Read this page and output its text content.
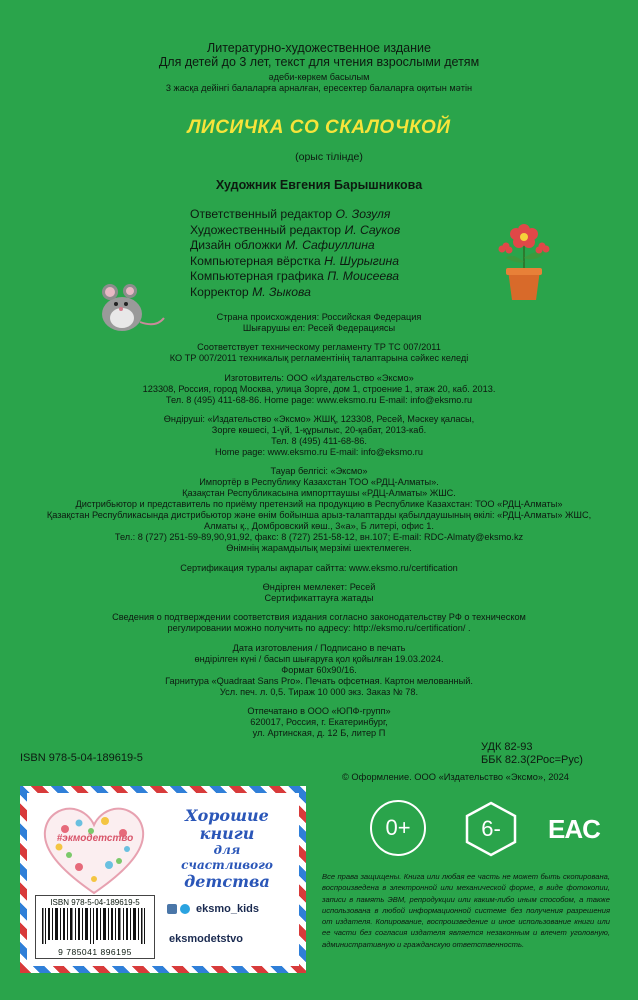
Литературно-художественное издание
Для детей до 3 лет, текст для чтения взрослыми детям
әдеби-көркем басылым
3 жасқа дейінгі балаларға арналған, ересектер балаларға оқитын мәтін
ЛИСИЧКА СО СКАЛОЧКОЙ
(орыс тілінде)
Художник Евгения Барышникова
Ответственный редактор О. Зозуля
Художественный редактор И. Сауков
Дизайн обложки М. Сафиуллина
Компьютерная вёрстка Н. Шурыгина
Компьютерная графика П. Моисеева
Корректор М. Зыкова
Страна происхождения: Российская Федерация
Шығарушы ел: Ресей Федерациясы
Соответствует техническому регламенту ТР ТС 007/2011
КО ТР 007/2011 техникалық регламентінің талаптарына сәйкес келеді
Изготовитель: ООО «Издательство «Эксмо»
123308, Россия, город Москва, улица Зорге, дом 1, строение 1, этаж 20, каб. 2013.
Тел. 8 (495) 411-68-86. Home page: www.eksmo.ru E-mail: info@eksmo.ru
Өндіруші: «Издательство «Эксмо» ЖШҚ, 123308, Ресей, Мәскеу қаласы,
Зорге көшесі, 1-үй, 1-құрылыс, 20-қабат, 2013-каб.
Тел. 8 (495) 411-68-86.
Home page: www.eksmo.ru E-mail: info@eksmo.ru
Тауар белгісі: «Эксмо»
Импортёр в Республику Казахстан ТОО «РДЦ-Алматы».
Қазақстан Республикасына импорттаушы «РДЦ-Алматы» ЖШС.
Дистрибьютор и представитель по приёму претензий на продукцию в Республике Казахстан: ТОО «РДЦ-Алматы»
Қазақстан Республикасында дистрибьютор және өнім бойынша арыз-талаптарды қабылдаушының өкілі: «РДЦ-Алматы» ЖШС,
Алматы қ., Домбровский көш., 3«а», Б литері, офис 1.
Тел.: 8 (727) 251-59-89,90,91,92, факс: 8 (727) 251-58-12, вн.107; E-mail: RDC-Almaty@eksmo.kz
Өнімнің жарамдылық мерзімі шектелмеген.
Сертификация туралы ақпарат сайтта: www.eksmo.ru/certification
Өндірген мемлекет: Ресей
Сертификаттауға жатады
Сведения о подтверждении соответствия издания согласно законодательству РФ о техническом
регулировании можно получить по адресу: http://eksmo.ru/certification/ .
Дата изготовления / Подписано в печать
өндірілген күні / басып шығаруға қол қойылған 19.03.2024.
Формат 60x90/16.
Гарнитура «Quadraat Sans Pro». Печать офсетная. Картон мелованный.
Усл. печ. л. 0,5. Тираж 10 000 экз. Заказ № 78.
Отпечатано в ООО «ЮПФ-групп»
620017, Россия, г. Екатеринбург,
ул. Артинская, д. 12 Б, литер П
ISBN 978-5-04-189619-5
УДК 82-93
ББК 82.3(2Рос=Рус)
© Оформление. ООО «Издательство «Эксмо», 2024
0+	6- EAC
Все права защищены. Книга или любая ее часть не может быть скопирована, воспроизведена в электронной или механической форме, в виде фотокопии, записи в память ЭВМ, репродукции или каким-либо иным способом, а также использована в любой информационной системе без получения разрешения от издателя. Копирование, воспроизведение и иное использование книги или ее части без согласия издателя является незаконным и влечет уголовную, административную и гражданскую ответственность.
#экмодетство
Хорошие
книги
для счастливого
детства
ISBN 978-5-04-189619-5
9 785041 896195
eksmo_kids
eksmodetstvo
